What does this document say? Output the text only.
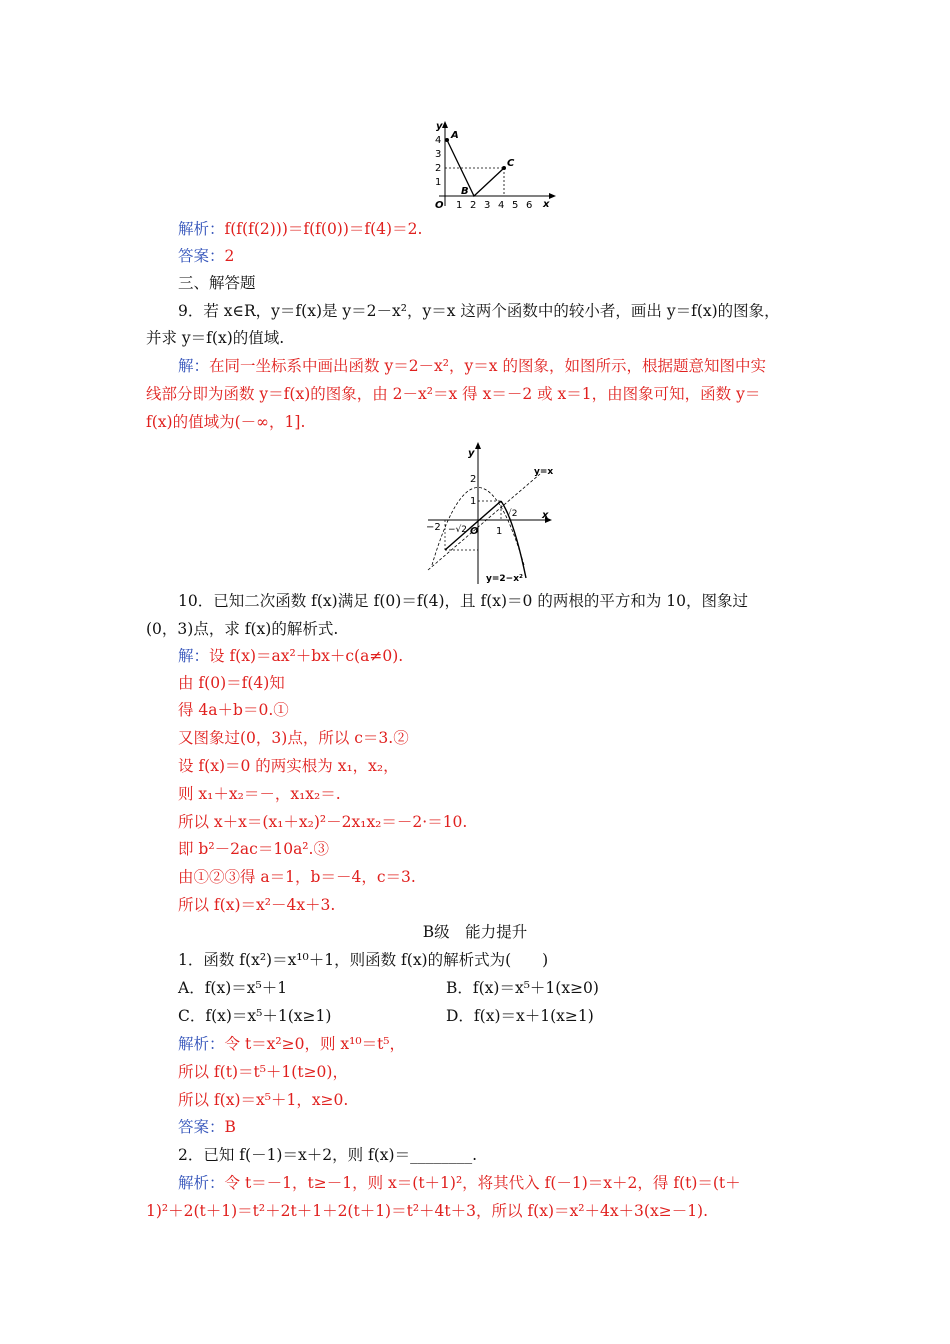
y
x
O
4
3
2
1
1 2 3 4 5 6
A
B
C
解析：f(f(f(2)))＝f(f(0))＝f(4)＝2.
答案：2
三、解答题
9．若 x∈R，y＝f(x)是 y＝2－x²，y＝x 这两个函数中的较小者，画出 y＝f(x)的图象，
并求 y＝f(x)的值域.
解：在同一坐标系中画出函数 y＝2－x²，y＝x 的图象，如图所示，根据题意知图中实
线部分即为函数 y＝f(x)的图象，由 2－x²＝x 得 x＝－2 或 x＝1，由图象可知，函数 y＝
f(x)的值域为(－∞，1].
y
x
O
2
1
−2 −√2	1
√2
y=x
y=2−x²
10．已知二次函数 f(x)满足 f(0)＝f(4)，且 f(x)＝0 的两根的平方和为 10，图象过
(0，3)点，求 f(x)的解析式.
解：设 f(x)＝ax²＋bx＋c(a≠0).
由 f(0)＝f(4)知
得 4a＋b＝0.①
又图象过(0，3)点，所以 c＝3.②
设 f(x)＝0 的两实根为 x₁，x₂，
则 x₁＋x₂＝－，x₁x₂＝.
所以 x＋x＝(x₁＋x₂)²－2x₁x₂＝－2·＝10.
即 b²－2ac＝10a².③
由①②③得 a＝1，b＝－4，c＝3.
所以 f(x)＝x²－4x＋3.
B级　能力提升
1．函数 f(x²)＝x¹⁰＋1，则函数 f(x)的解析式为(　　)
A．f(x)＝x⁵＋1	B．f(x)＝x⁵＋1(x≥0)
C．f(x)＝x⁵＋1(x≥1)	D．f(x)＝x＋1(x≥1)
解析：令 t＝x²≥0，则 x¹⁰＝t⁵，
所以 f(t)＝t⁵＋1(t≥0)，
所以 f(x)＝x⁵＋1，x≥0.
答案：B
2．已知 f(－1)＝x＋2，则 f(x)＝________.
解析：令 t＝－1，t≥－1，则 x＝(t＋1)²，将其代入 f(－1)＝x＋2，得 f(t)＝(t＋
1)²＋2(t＋1)＝t²＋2t＋1＋2(t＋1)＝t²＋4t＋3，所以 f(x)＝x²＋4x＋3(x≥－1).
